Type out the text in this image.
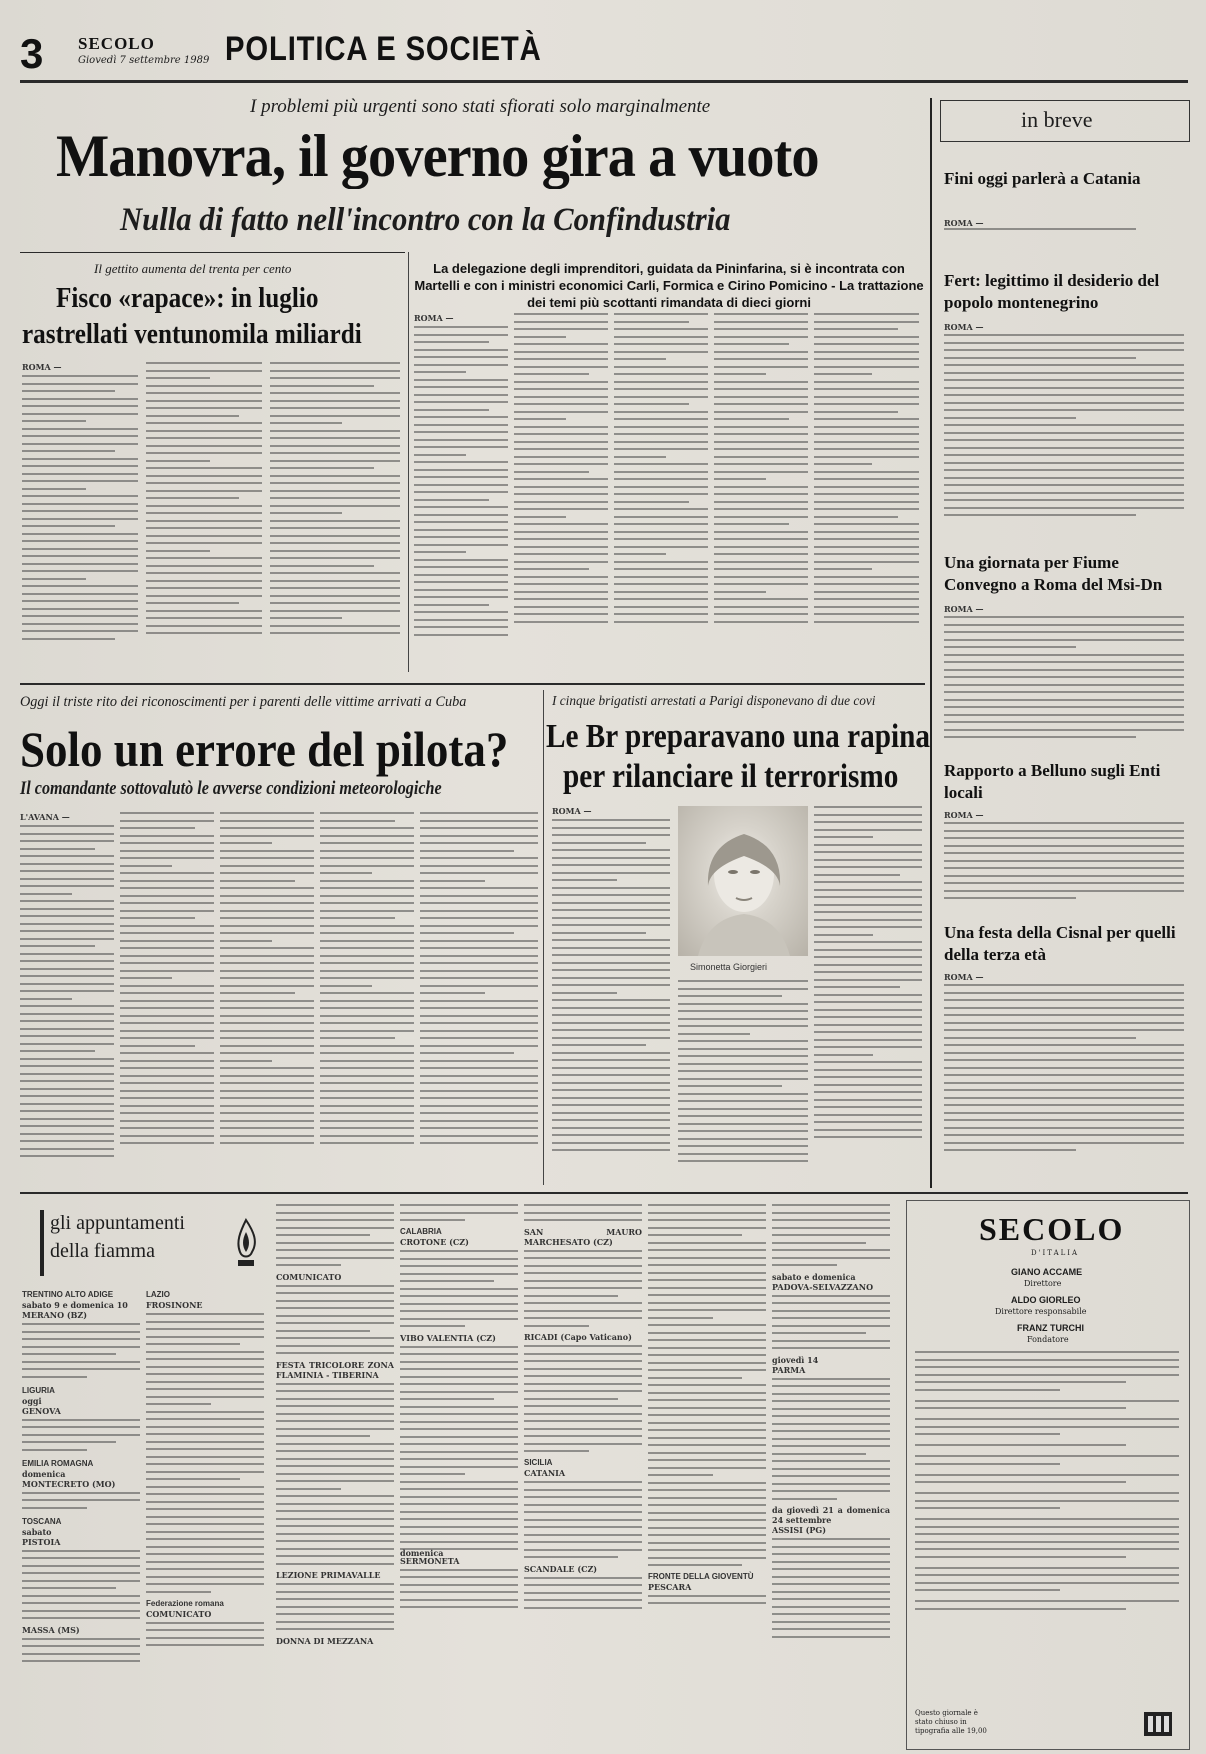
3 SECOLO
Giovedì 7 settembre 1989 POLITICA E SOCIETÀ
I problemi più urgenti sono stati sfiorati solo marginalmente
Manovra, il governo gira a vuoto
Nulla di fatto nell'incontro con la Confindustria
Il gettito aumenta del trenta per cento
Fisco «rapace»: in luglio
rastrellati ventunomila miliardi
ROMA —
La delegazione degli imprenditori, guidata da Pininfarina, si è incontrata con Martelli e con i ministri economici Carli, Formica e Cirino Pomicino - La trattazione dei temi più scottanti rimandata di dieci giorni
ROMA —
in breve
Fini oggi parlerà a Catania
ROMA —
Fert: legittimo il desiderio del popolo montenegrino
ROMA —
Una giornata per Fiume Convegno a Roma del Msi-Dn
ROMA —
Rapporto a Belluno sugli Enti locali
ROMA —
Una festa della Cisnal per quelli della terza età
ROMA —
Oggi il triste rito dei riconoscimenti per i parenti delle vittime arrivati a Cuba
Solo un errore del pilota?
Il comandante sottovalutò le avverse condizioni meteorologiche
L'AVANA —
I cinque brigatisti arrestati a Parigi disponevano di due covi
Le Br preparavano una rapina
per rilanciare il terrorismo
ROMA —
Simonetta Giorgieri
gli appuntamenti
della fiamma
TRENTINO ALTO ADIGE
sabato 9 e domenica 10
MERANO (BZ)
LIGURIA
oggi
GENOVA
EMILIA ROMAGNA
domenica
MONTECRETO (MO)
TOSCANA
sabato
PISTOIA
MASSA (MS)
LAZIO
FROSINONE
Federazione romana
COMUNICATO
COMUNICATO
FESTA TRICOLORE ZONA FLAMINIA - TIBERINA
LEZIONE PRIMAVALLE
DONNA DI MEZZANA
CALABRIA
CROTONE (CZ)
VIBO VALENTIA (CZ)
SERMONETA
SAN MAURO MARCHESATO (CZ)
RICADI (Capo Vaticano)
SICILIA
CATANIA
SCANDALE (CZ)
FRONTE DELLA GIOVENTÙ
PESCARA
sabato e domenica
PADOVA-SELVAZZANO
giovedì 14
PARMA
da giovedì 21 a domenica 24 settembre
ASSISI (PG)
domenica
SECOLO
D'ITALIA
GIANO ACCAME
Direttore
ALDO GIORLEO
Direttore responsabile
FRANZ TURCHI
Fondatore
Questo giornale è stato chiuso in tipografia alle 19,00
